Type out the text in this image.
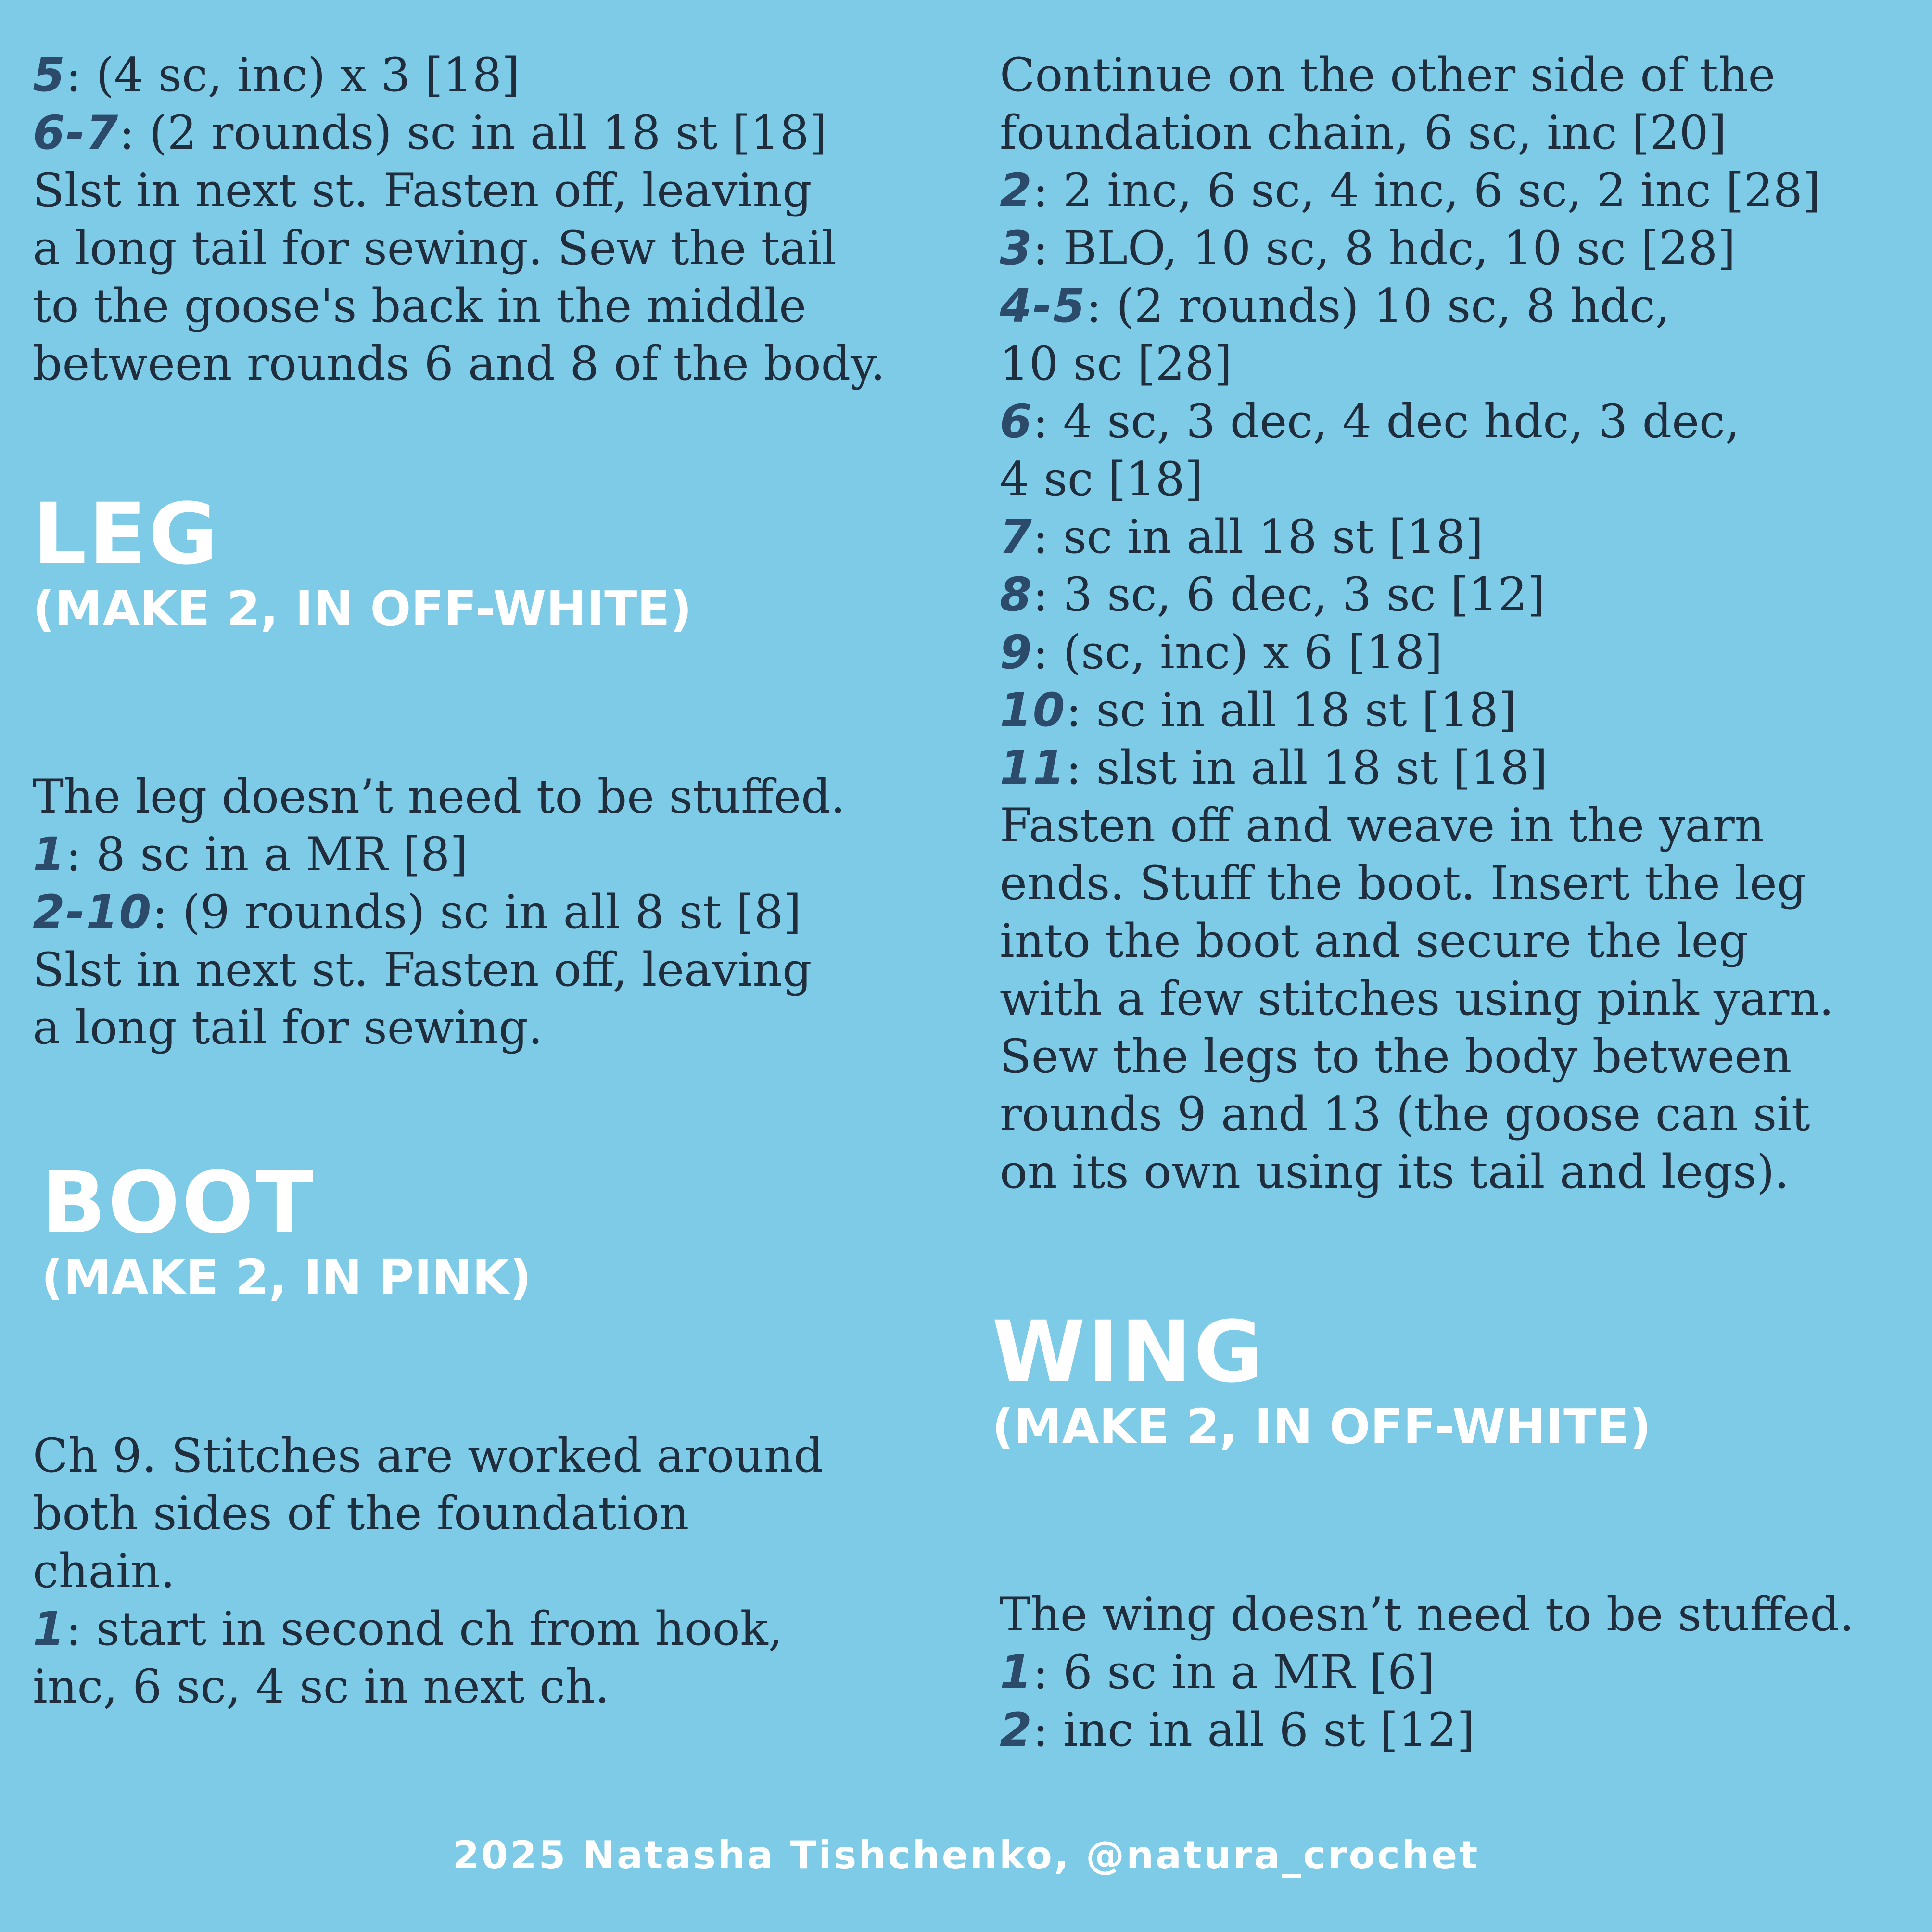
5: (4 sc, inc) x 3 [18]
6-7: (2 rounds) sc in all 18 st [18]
Slst in next st. Fasten off, leaving
a long tail for sewing. Sew the tail
to the goose's back in the middle
between rounds 6 and 8 of the body.
LEG
(MAKE 2, IN OFF-WHITE)
The leg doesn’t need to be stuffed.
1: 8 sc in a MR [8]
2-10: (9 rounds) sc in all 8 st [8]
Slst in next st. Fasten off, leaving
a long tail for sewing.
BOOT
(MAKE 2, IN PINK)
Ch 9. Stitches are worked around
both sides of the foundation
chain.
1: start in second ch from hook,
inc, 6 sc, 4 sc in next ch.
Continue on the other side of the
foundation chain, 6 sc, inc [20]
2: 2 inc, 6 sc, 4 inc, 6 sc, 2 inc [28]
3: BLO, 10 sc, 8 hdc, 10 sc [28]
4-5: (2 rounds) 10 sc, 8 hdc,
10 sc [28]
6: 4 sc, 3 dec, 4 dec hdc, 3 dec,
4 sc [18]
7: sc in all 18 st [18]
8: 3 sc, 6 dec, 3 sc [12]
9: (sc, inc) x 6 [18]
10: sc in all 18 st [18]
11: slst in all 18 st [18]
Fasten off and weave in the yarn
ends. Stuff the boot. Insert the leg
into the boot and secure the leg
with a few stitches using pink yarn.
Sew the legs to the body between
rounds 9 and 13 (the goose can sit
on its own using its tail and legs).
WING
(MAKE 2, IN OFF-WHITE)
The wing doesn’t need to be stuffed.
1: 6 sc in a MR [6]
2: inc in all 6 st [12]
2025 Natasha Tishchenko, @natura_crochet
